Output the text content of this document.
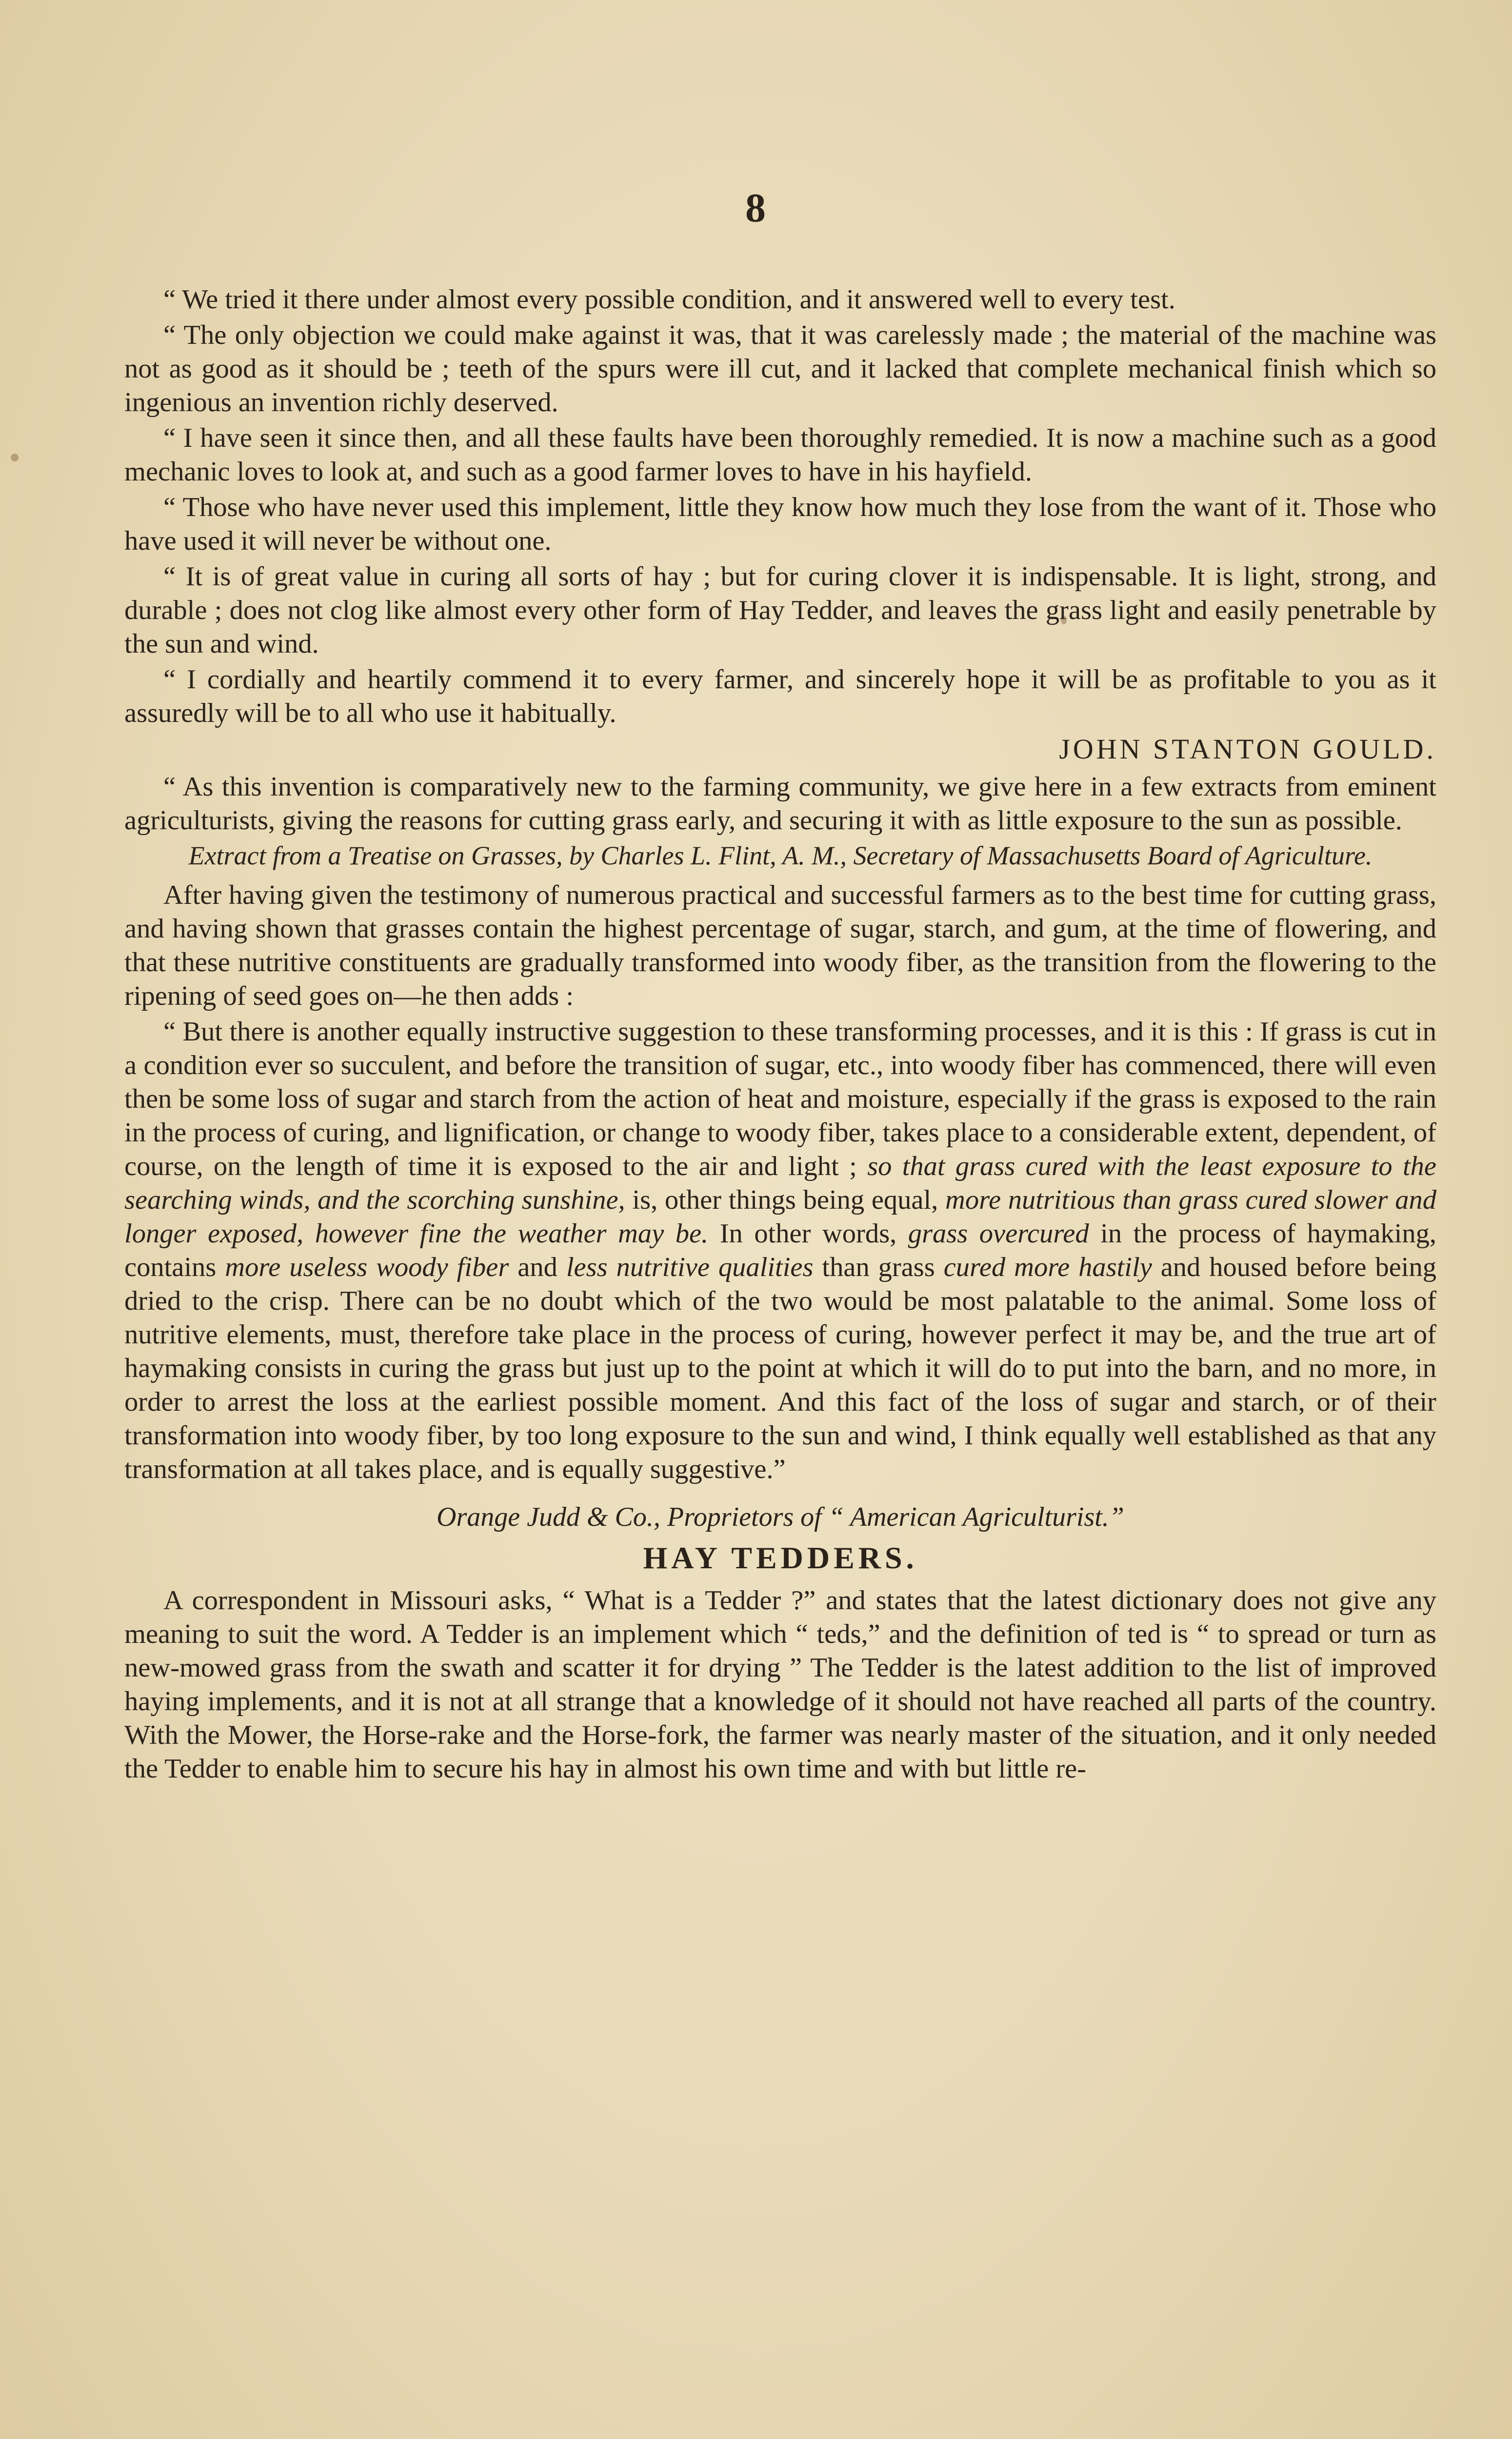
8

“ We tried it there under almost every possible condition, and it answered well to every test.

“ The only objection we could make against it was, that it was carelessly made ; the material of the machine was not as good as it should be ; teeth of the spurs were ill cut, and it lacked that complete mechanical finish which so ingenious an invention richly deserved.

“ I have seen it since then, and all these faults have been thoroughly remedied. It is now a machine such as a good mechanic loves to look at, and such as a good farmer loves to have in his hayfield.

“ Those who have never used this implement, little they know how much they lose from the want of it. Those who have used it will never be without one.

“ It is of great value in curing all sorts of hay ; but for curing clover it is indispensable. It is light, strong, and durable ; does not clog like almost every other form of Hay Tedder, and leaves the grass light and easily penetrable by the sun and wind.

“ I cordially and heartily commend it to every farmer, and sincerely hope it will be as profitable to you as it assuredly will be to all who use it habitually.

JOHN STANTON GOULD.

“ As this invention is comparatively new to the farming community, we give here in a few extracts from eminent agriculturists, giving the reasons for cutting grass early, and securing it with as little exposure to the sun as possible.

Extract from a Treatise on Grasses, by Charles L. Flint, A. M., Secretary of Massachusetts Board of Agriculture.

After having given the testimony of numerous practical and successful farmers as to the best time for cutting grass, and having shown that grasses contain the highest percentage of sugar, starch, and gum, at the time of flowering, and that these nutritive constituents are gradually transformed into woody fiber, as the transition from the flowering to the ripening of seed goes on—he then adds :

“ But there is another equally instructive suggestion to these transforming processes, and it is this : If grass is cut in a condition ever so succulent, and before the transition of sugar, etc., into woody fiber has commenced, there will even then be some loss of sugar and starch from the action of heat and moisture, especially if the grass is exposed to the rain in the process of curing, and lignification, or change to woody fiber, takes place to a considerable extent, dependent, of course, on the length of time it is exposed to the air and light ; so that grass cured with the least exposure to the searching winds, and the scorching sunshine, is, other things being equal, more nutritious than grass cured slower and longer exposed, however fine the weather may be. In other words, grass overcured in the process of haymaking, contains more useless woody fiber and less nutritive qualities than grass cured more hastily and housed before being dried to the crisp. There can be no doubt which of the two would be most palatable to the animal. Some loss of nutritive elements, must, therefore take place in the process of curing, however perfect it may be, and the true art of haymaking consists in curing the grass but just up to the point at which it will do to put into the barn, and no more, in order to arrest the loss at the earliest possible moment. And this fact of the loss of sugar and starch, or of their transformation into woody fiber, by too long exposure to the sun and wind, I think equally well established as that any transformation at all takes place, and is equally suggestive.”

Orange Judd & Co., Proprietors of “ American Agriculturist.”
HAY TEDDERS.

A correspondent in Missouri asks, “ What is a Tedder ?” and states that the latest dictionary does not give any meaning to suit the word. A Tedder is an implement which “ teds,” and the definition of ted is “ to spread or turn as new-mowed grass from the swath and scatter it for drying ” The Tedder is the latest addition to the list of improved haying implements, and it is not at all strange that a knowledge of it should not have reached all parts of the country. With the Mower, the Horse-rake and the Horse-fork, the farmer was nearly master of the situation, and it only needed the Tedder to enable him to secure his hay in almost his own time and with but little re-
